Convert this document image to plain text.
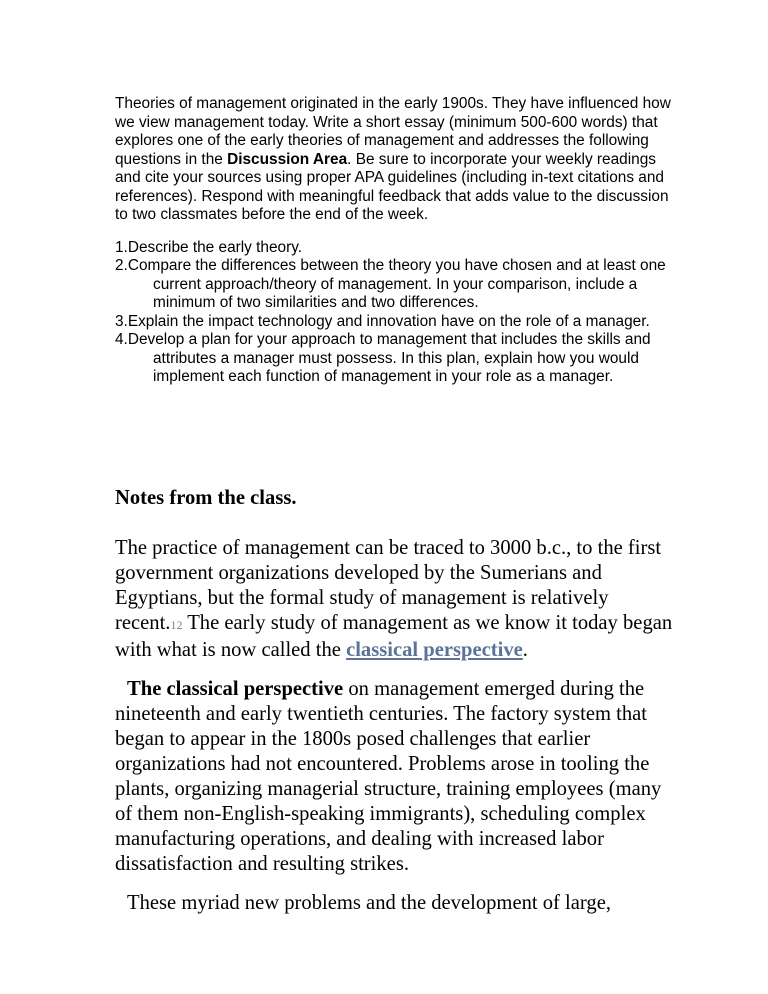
Theories of management originated in the early 1900s. They have influenced how we view management today. Write a short essay (minimum 500-600 words) that explores one of the early theories of management and addresses the following questions in the Discussion Area. Be sure to incorporate your weekly readings and cite your sources using proper APA guidelines (including in-text citations and references). Respond with meaningful feedback that adds value to the discussion to two classmates before the end of the week.

1.Describe the early theory.
2.Compare the differences between the theory you have chosen and at least one current approach/theory of management. In your comparison, include a minimum of two similarities and two differences.
3.Explain the impact technology and innovation have on the role of a manager.
4.Develop a plan for your approach to management that includes the skills and attributes a manager must possess. In this plan, explain how you would implement each function of management in your role as a manager.
Notes from the class.

The practice of management can be traced to 3000 b.c., to the first government organizations developed by the Sumerians and Egyptians, but the formal study of management is relatively recent.12 The early study of management as we know it today began with what is now called the classical perspective.

The classical perspective on management emerged during the nineteenth and early twentieth centuries. The factory system that began to appear in the 1800s posed challenges that earlier organizations had not encountered. Problems arose in tooling the plants, organizing managerial structure, training employees (many of them non-English-speaking immigrants), scheduling complex manufacturing operations, and dealing with increased labor dissatisfaction and resulting strikes.

These myriad new problems and the development of large,
